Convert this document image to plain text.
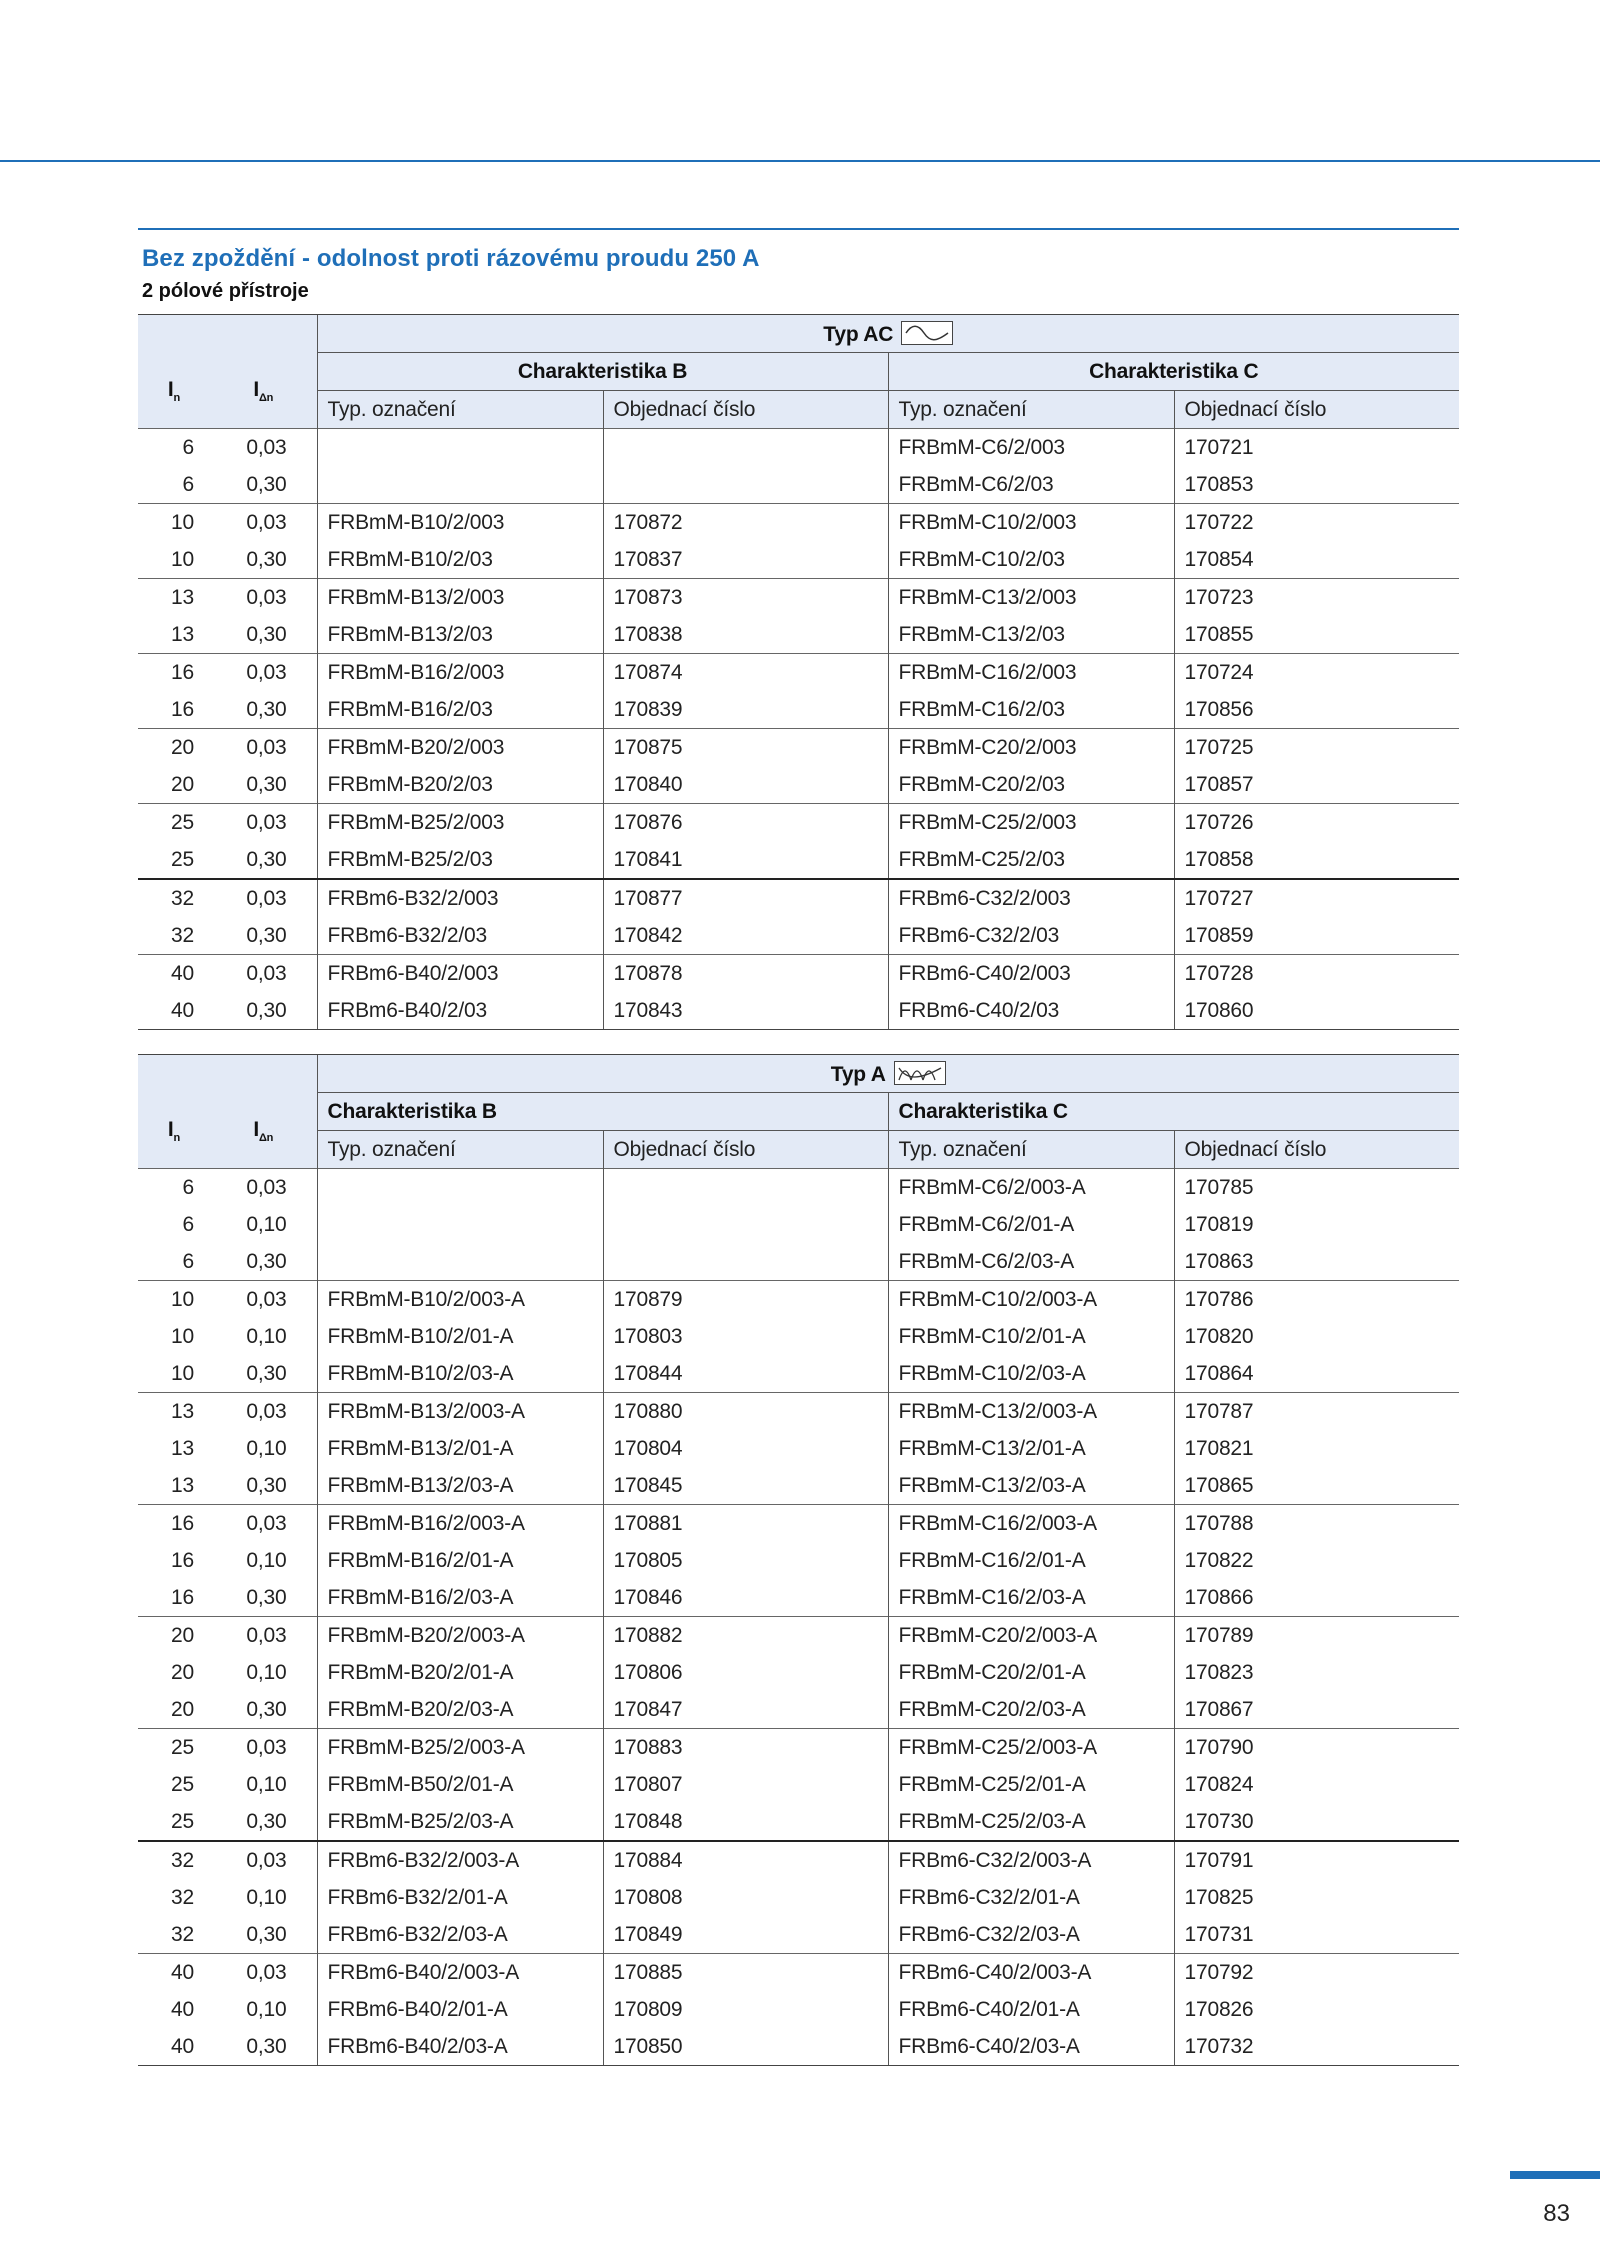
Bez zpoždění - odolnost proti rázovému proudu 250 A
2 pólové přístroje
$I_n$	$I_{\Delta n}$	Typ AC			

		Charakteristika B		Charakteristika C	
		Typ. označení	Objednací číslo	Typ. označení	Objednací číslo
6	0,03			FRBmM-C6/2/003	170721
6	0,30			FRBmM-C6/2/03	170853
10	0,03	FRBmM-B10/2/003	170872	FRBmM-C10/2/003	170722
10	0,30	FRBmM-B10/2/03	170837	FRBmM-C10/2/03	170854
13	0,03	FRBmM-B13/2/003	170873	FRBmM-C13/2/003	170723
13	0,30	FRBmM-B13/2/03	170838	FRBmM-C13/2/03	170855
16	0,03	FRBmM-B16/2/003	170874	FRBmM-C16/2/003	170724
16	0,30	FRBmM-B16/2/03	170839	FRBmM-C16/2/03	170856
20	0,03	FRBmM-B20/2/003	170875	FRBmM-C20/2/003	170725
20	0,30	FRBmM-B20/2/03	170840	FRBmM-C20/2/03	170857
25	0,03	FRBmM-B25/2/003	170876	FRBmM-C25/2/003	170726
25	0,30	FRBmM-B25/2/03	170841	FRBmM-C25/2/03	170858
32	0,03	FRBm6-B32/2/003	170877	FRBm6-C32/2/003	170727
32	0,30	FRBm6-B32/2/03	170842	FRBm6-C32/2/03	170859
40	0,03	FRBm6-B40/2/003	170878	FRBm6-C40/2/003	170728
40	0,30	FRBm6-B40/2/03	170843	FRBm6-C40/2/03	170860
$I_n$	$I_{\Delta n}$	Typ A			

		Charakteristika B		Charakteristika C	
		Typ. označení	Objednací číslo	Typ. označení	Objednací číslo
6	0,03			FRBmM-C6/2/003-A	170785
6	0,10			FRBmM-C6/2/01-A	170819
6	0,30			FRBmM-C6/2/03-A	170863
10	0,03	FRBmM-B10/2/003-A	170879	FRBmM-C10/2/003-A	170786
10	0,10	FRBmM-B10/2/01-A	170803	FRBmM-C10/2/01-A	170820
10	0,30	FRBmM-B10/2/03-A	170844	FRBmM-C10/2/03-A	170864
13	0,03	FRBmM-B13/2/003-A	170880	FRBmM-C13/2/003-A	170787
13	0,10	FRBmM-B13/2/01-A	170804	FRBmM-C13/2/01-A	170821
13	0,30	FRBmM-B13/2/03-A	170845	FRBmM-C13/2/03-A	170865
16	0,03	FRBmM-B16/2/003-A	170881	FRBmM-C16/2/003-A	170788
16	0,10	FRBmM-B16/2/01-A	170805	FRBmM-C16/2/01-A	170822
16	0,30	FRBmM-B16/2/03-A	170846	FRBmM-C16/2/03-A	170866
20	0,03	FRBmM-B20/2/003-A	170882	FRBmM-C20/2/003-A	170789
20	0,10	FRBmM-B20/2/01-A	170806	FRBmM-C20/2/01-A	170823
20	0,30	FRBmM-B20/2/03-A	170847	FRBmM-C20/2/03-A	170867
25	0,03	FRBmM-B25/2/003-A	170883	FRBmM-C25/2/003-A	170790
25	0,10	FRBmM-B50/2/01-A	170807	FRBmM-C25/2/01-A	170824
25	0,30	FRBmM-B25/2/03-A	170848	FRBmM-C25/2/03-A	170730
32	0,03	FRBm6-B32/2/003-A	170884	FRBm6-C32/2/003-A	170791
32	0,10	FRBm6-B32/2/01-A	170808	FRBm6-C32/2/01-A	170825
32	0,30	FRBm6-B32/2/03-A	170849	FRBm6-C32/2/03-A	170731
40	0,03	FRBm6-B40/2/003-A	170885	FRBm6-C40/2/003-A	170792
40	0,10	FRBm6-B40/2/01-A	170809	FRBm6-C40/2/01-A	170826
40	0,30	FRBm6-B40/2/03-A	170850	FRBm6-C40/2/03-A	170732
83
